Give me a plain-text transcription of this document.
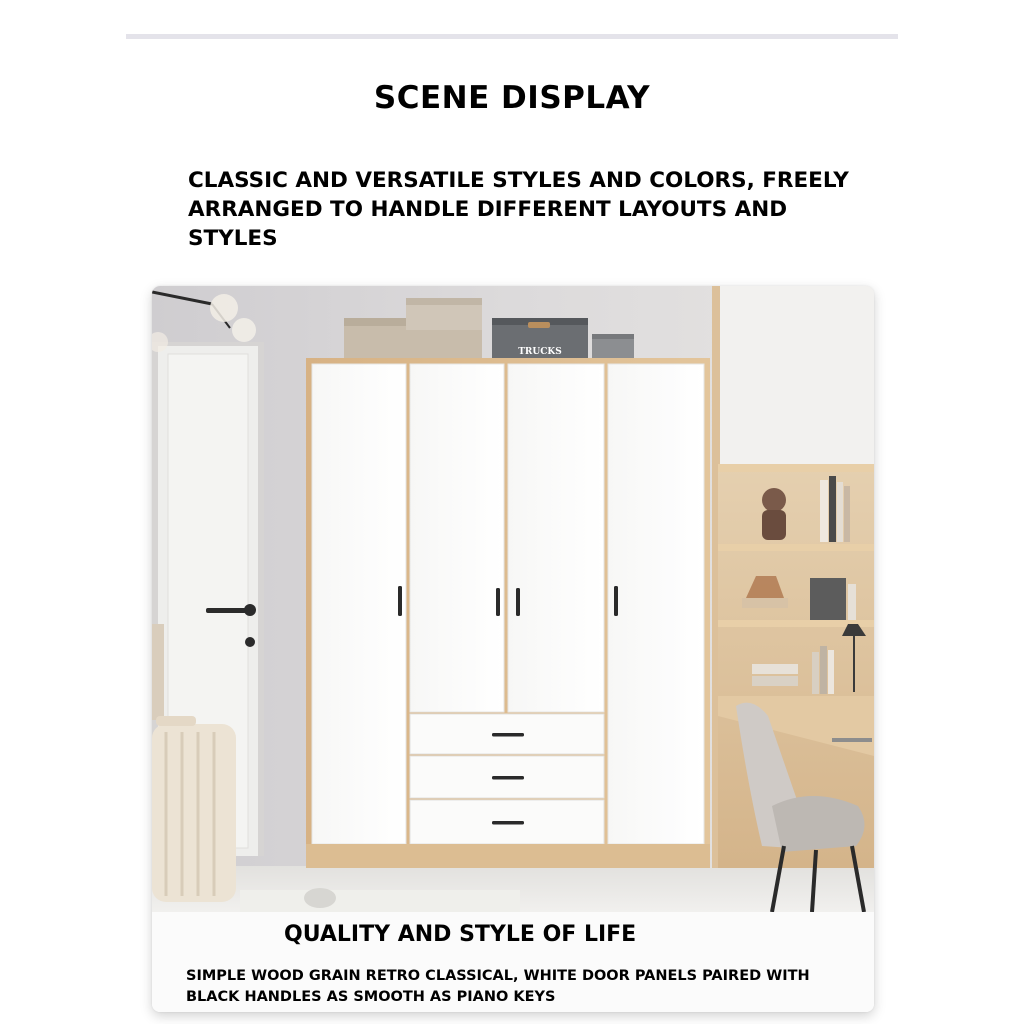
SCENE DISPLAY

CLASSIC AND VERSATILE STYLES AND COLORS, FREELY ARRANGED TO HANDLE DIFFERENT LAYOUTS AND STYLES

TRUCKS
QUALITY AND STYLE OF LIFE

SIMPLE WOOD GRAIN RETRO CLASSICAL, WHITE DOOR PANELS PAIRED WITH BLACK HANDLES AS SMOOTH AS PIANO KEYS
